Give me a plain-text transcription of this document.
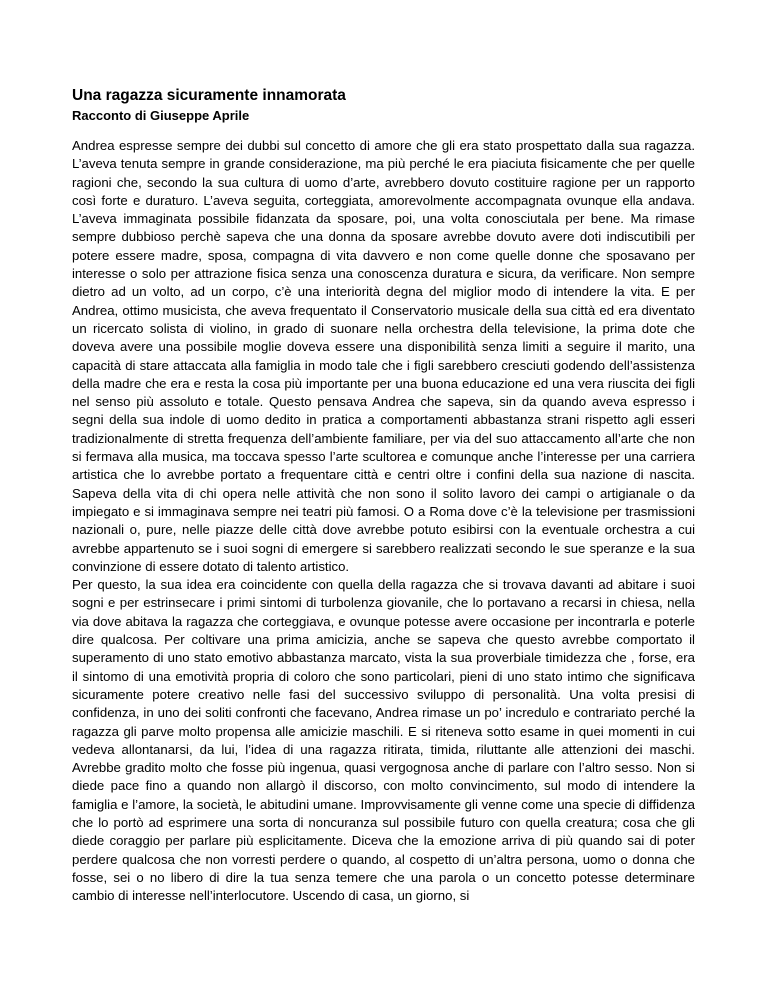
Una ragazza sicuramente innamorata
Racconto di Giuseppe Aprile

Andrea espresse sempre dei dubbi sul concetto di amore che gli era stato prospettato dalla sua ragazza. L’aveva tenuta sempre in grande considerazione, ma più perché le era piaciuta fisicamente che per quelle ragioni che, secondo la sua cultura di uomo d’arte, avrebbero dovuto costituire ragione per un rapporto così forte e duraturo. L’aveva seguita, corteggiata, amorevolmente accompagnata ovunque ella andava. L’aveva immaginata possibile fidanzata da sposare, poi, una volta conosciutala per bene. Ma rimase sempre dubbioso perchè sapeva che una donna da sposare avrebbe dovuto avere doti indiscutibili per potere essere madre, sposa, compagna di vita davvero e non come quelle donne che sposavano per interesse o solo per attrazione fisica senza una conoscenza duratura e sicura, da verificare. Non sempre dietro ad un volto, ad un corpo, c’è una interiorità degna del miglior modo di intendere la vita. E per Andrea, ottimo musicista, che aveva frequentato il Conservatorio musicale della sua città ed era diventato un ricercato solista di violino, in grado di suonare nella orchestra della televisione, la prima dote che doveva avere una possibile moglie doveva essere una disponibilità senza limiti a seguire il marito, una capacità di stare attaccata alla famiglia in modo tale che i figli sarebbero cresciuti godendo dell’assistenza della madre che era e resta la cosa più importante per una buona educazione ed una vera riuscita dei figli nel senso più assoluto e totale. Questo pensava Andrea che sapeva, sin da quando aveva espresso i segni della sua indole di uomo dedito in pratica a comportamenti abbastanza strani rispetto agli esseri tradizionalmente di stretta frequenza dell’ambiente familiare, per via del suo attaccamento all’arte che non si fermava alla musica, ma toccava spesso l’arte scultorea e comunque anche l’interesse per una carriera artistica che lo avrebbe portato a frequentare città e centri oltre i confini della sua nazione di nascita. Sapeva della vita di chi opera nelle attività che non sono il solito lavoro dei campi o artigianale o da impiegato e si immaginava sempre nei teatri più famosi. O a Roma dove c’è la televisione per trasmissioni nazionali o, pure, nelle piazze delle città dove avrebbe potuto esibirsi con la eventuale orchestra a cui avrebbe appartenuto se i suoi sogni di emergere si sarebbero realizzati secondo le sue speranze e la sua convinzione di essere dotato di talento artistico.

Per questo, la sua idea era coincidente con quella della ragazza che si trovava davanti ad abitare i suoi sogni e per estrinsecare i primi sintomi di turbolenza giovanile, che lo portavano a recarsi in chiesa, nella via dove abitava la ragazza che corteggiava, e ovunque potesse avere occasione per incontrarla e poterle dire qualcosa. Per coltivare una prima amicizia, anche se sapeva che questo avrebbe comportato il superamento di uno stato emotivo abbastanza marcato, vista la sua proverbiale timidezza che , forse, era il sintomo di una emotività propria di coloro che sono particolari, pieni di uno stato intimo che significava sicuramente potere creativo nelle fasi del successivo sviluppo di personalità. Una volta presisi di confidenza, in uno dei soliti confronti che facevano, Andrea rimase un po’ incredulo e contrariato perché la ragazza gli parve molto propensa alle amicizie maschili. E si riteneva sotto esame in quei momenti in cui vedeva allontanarsi, da lui, l’idea di una ragazza ritirata, timida, riluttante alle attenzioni dei maschi. Avrebbe gradito molto che fosse più ingenua, quasi vergognosa anche di parlare con l’altro sesso. Non si diede pace fino a quando non allargò il discorso, con molto convincimento, sul modo di intendere la famiglia e l’amore, la società, le abitudini umane. Improvvisamente gli venne come una specie di diffidenza che lo portò ad esprimere una sorta di noncuranza sul possibile futuro con quella creatura; cosa che gli diede coraggio per parlare più esplicitamente. Diceva che la emozione arriva di più quando sai di poter perdere qualcosa che non vorresti perdere o quando, al cospetto di un’altra persona, uomo o donna che fosse, sei o no libero di dire la tua senza temere che una parola o un concetto potesse determinare cambio di interesse nell’interlocutore. Uscendo di casa, un giorno, si
